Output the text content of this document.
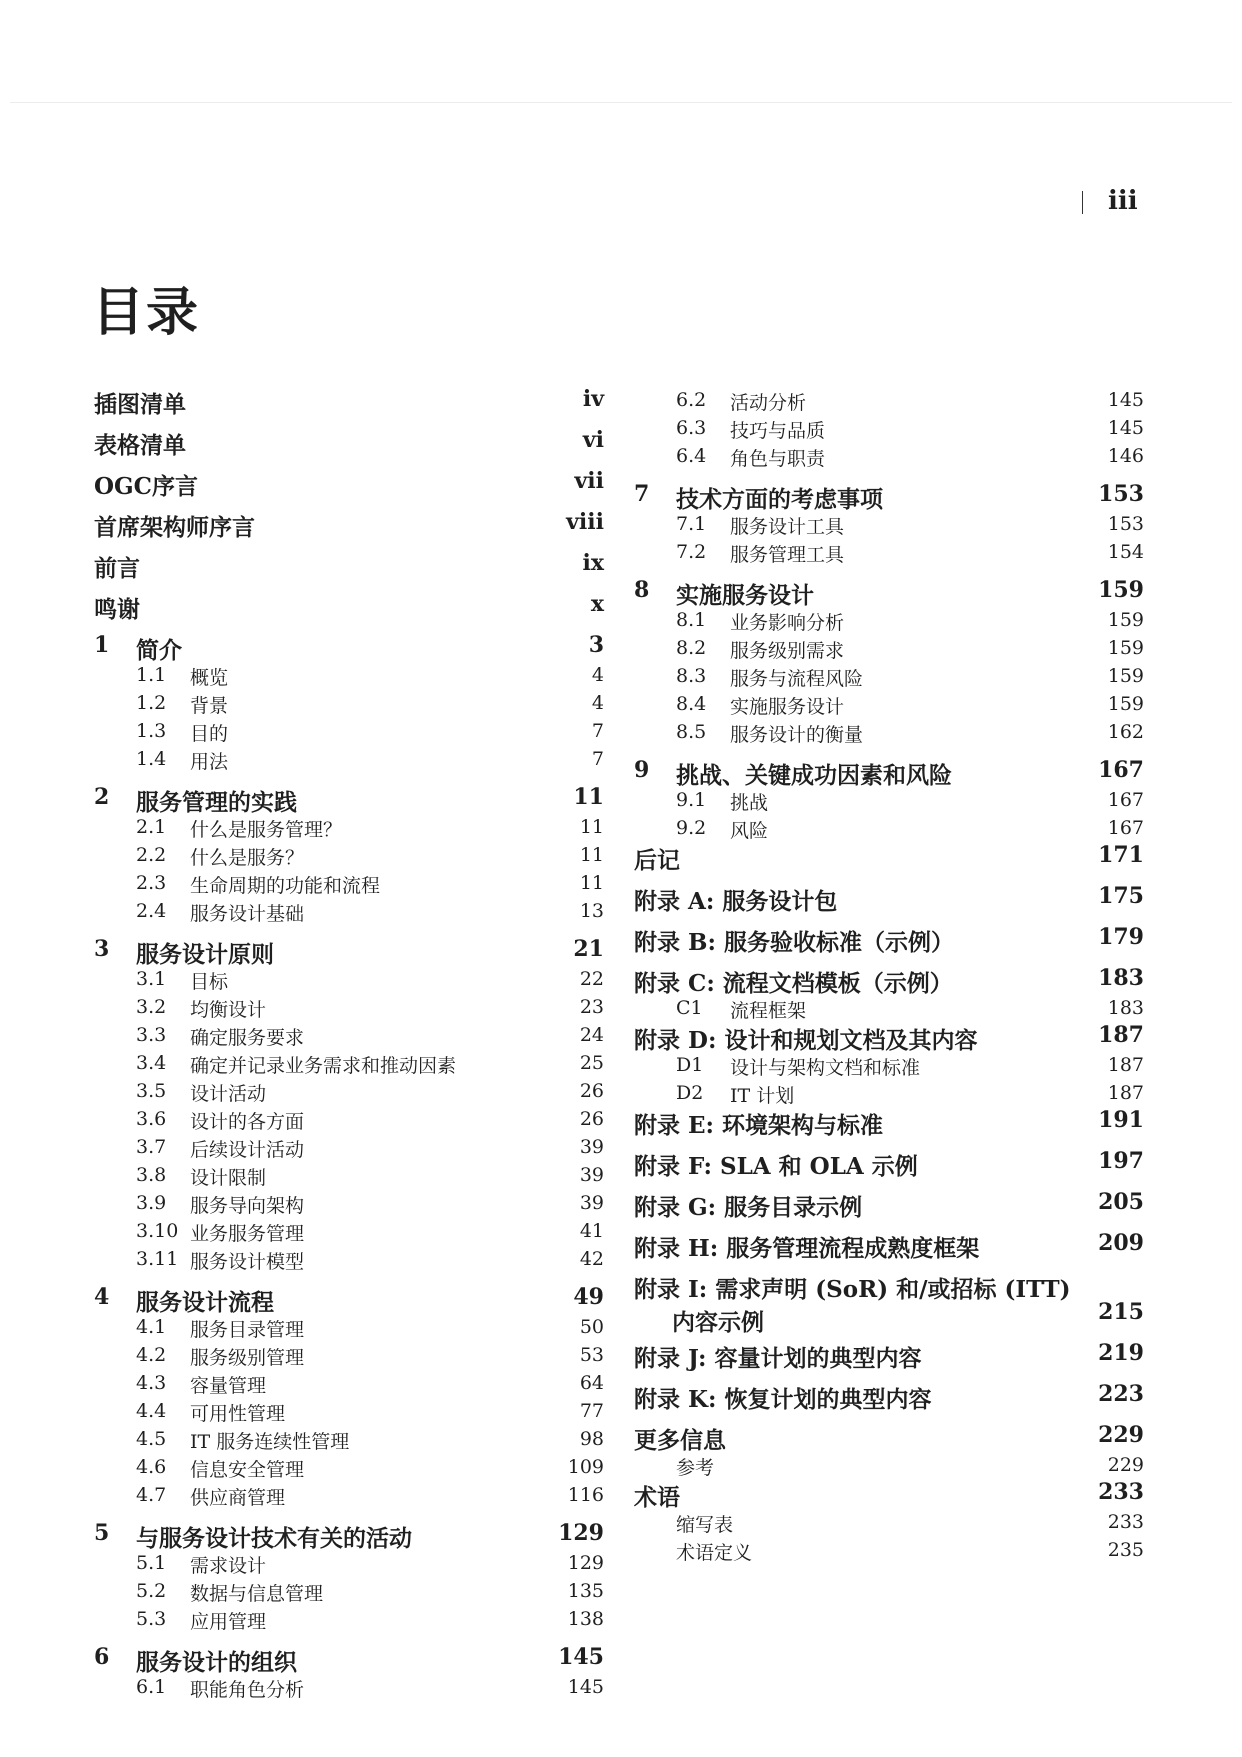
iii
目录
插图清单	iv
表格清单	vi
OGC序言	vii
首席架构师序言	viii
前言	ix
鸣谢	x
1 简介	3
1.1 概览	4
1.2 背景	4
1.3 目的	7
1.4 用法	7
2 服务管理的实践	11
2.1 什么是服务管理？	11
2.2 什么是服务？	11
2.3 生命周期的功能和流程	11
2.4 服务设计基础	13
3 服务设计原则	21
3.1 目标	22
3.2 均衡设计	23
3.3 确定服务要求	24
3.4 确定并记录业务需求和推动因素	25
3.5 设计活动	26
3.6 设计的各方面	26
3.7 后续设计活动	39
3.8 设计限制	39
3.9 服务导向架构	39
3.10 业务服务管理	41
3.11 服务设计模型	42
4 服务设计流程	49
4.1 服务目录管理	50
4.2 服务级别管理	53
4.3 容量管理	64
4.4 可用性管理	77
4.5 IT 服务连续性管理	98
4.6 信息安全管理	109
4.7 供应商管理	116
5 与服务设计技术有关的活动	129
5.1 需求设计	129
5.2 数据与信息管理	135
5.3 应用管理	138
6 服务设计的组织	145
6.1 职能角色分析	145
6.2 活动分析	145
6.3 技巧与品质	145
6.4 角色与职责	146
7 技术方面的考虑事项	153
7.1 服务设计工具	153
7.2 服务管理工具	154
8 实施服务设计	159
8.1 业务影响分析	159
8.2 服务级别需求	159
8.3 服务与流程风险	159
8.4 实施服务设计	159
8.5 服务设计的衡量	162
9 挑战、关键成功因素和风险	167
9.1 挑战	167
9.2 风险	167
后记	171
附录 A: 服务设计包	175
附录 B: 服务验收标准（示例）	179
附录 C: 流程文档模板（示例）	183
C1 流程框架	183
附录 D: 设计和规划文档及其内容	187
D1 设计与架构文档和标准	187
D2 IT 计划	187
附录 E: 环境架构与标准	191
附录 F: SLA 和 OLA 示例	197
附录 G: 服务目录示例	205
附录 H: 服务管理流程成熟度框架	209
附录 I: 需求声明 (SoR) 和/或招标 (ITT)
内容示例	215
附录 J: 容量计划的典型内容	219
附录 K: 恢复计划的典型内容	223
更多信息	229
参考	229
术语	233
缩写表	233
术语定义	235
